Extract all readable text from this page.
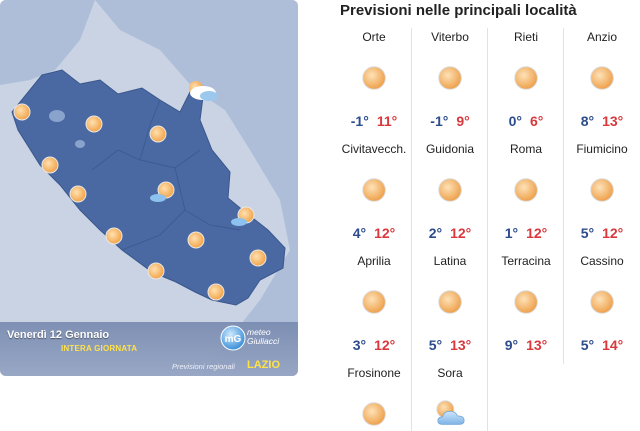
Venerdì 12 Gennaio
INTERA GIORNATA
mG
meteo
Giuliacci
Previsioni regionali LAZIO
Previsioni nelle principali località
Orte
-1° 11°
Viterbo
-1° 9°
Rieti
0° 6°
Anzio
8° 13°
Civitavecch.
4° 12°
Guidonia
2° 12°
Roma
1° 12°
Fiumicino
5° 12°
Aprilia
3° 12°
Latina
5° 13°
Terracina
9° 13°
Cassino
5° 14°
Frosinone	Sora
